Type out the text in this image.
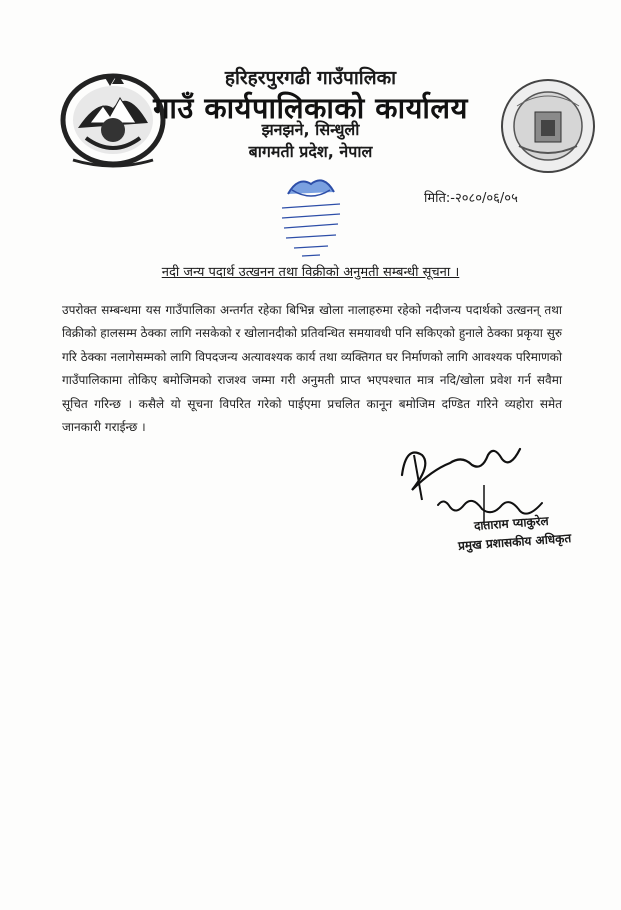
हरिहरपुरगढी गाउँपालिका
गाउँ कार्यपालिकाको कार्यालय
झनझने, सिन्धुली
बागमती प्रदेश, नेपाल
मिति:-२०८०/०६/०५
नदी जन्य पदार्थ उत्खनन तथा विक्रीको अनुमती सम्बन्धी सूचना ।
उपरोक्त सम्बन्धमा यस गाउँपालिका अन्तर्गत रहेका बिभिन्न खोला नालाहरुमा रहेको नदीजन्य पदार्थको उत्खनन् तथा विक्रीको हालसम्म ठेक्का लागि नसकेको र खोलानदीको प्रतिवन्धित समयावधी पनि सकिएको हुनाले ठेक्का प्रकृया सुरु गरि ठेक्का नलागेसम्मको लागि विपदजन्य अत्यावश्यक कार्य तथा व्यक्तिगत घर निर्माणको लागि आवश्यक परिमाणको गाउँपालिकामा तोकिए बमोजिमको राजश्व जम्मा गरी अनुमती प्राप्त भएपश्चात मात्र नदि/खोला प्रवेश गर्न सवैमा सूचित गरिन्छ । कसैले यो सूचना विपरित गरेको पाईएमा प्रचलित कानून बमोजिम दण्डित गरिने व्यहोरा समेत जानकारी गराईन्छ ।
दाताराम प्याकुरेल
प्रमुख प्रशासकीय अधिकृत
